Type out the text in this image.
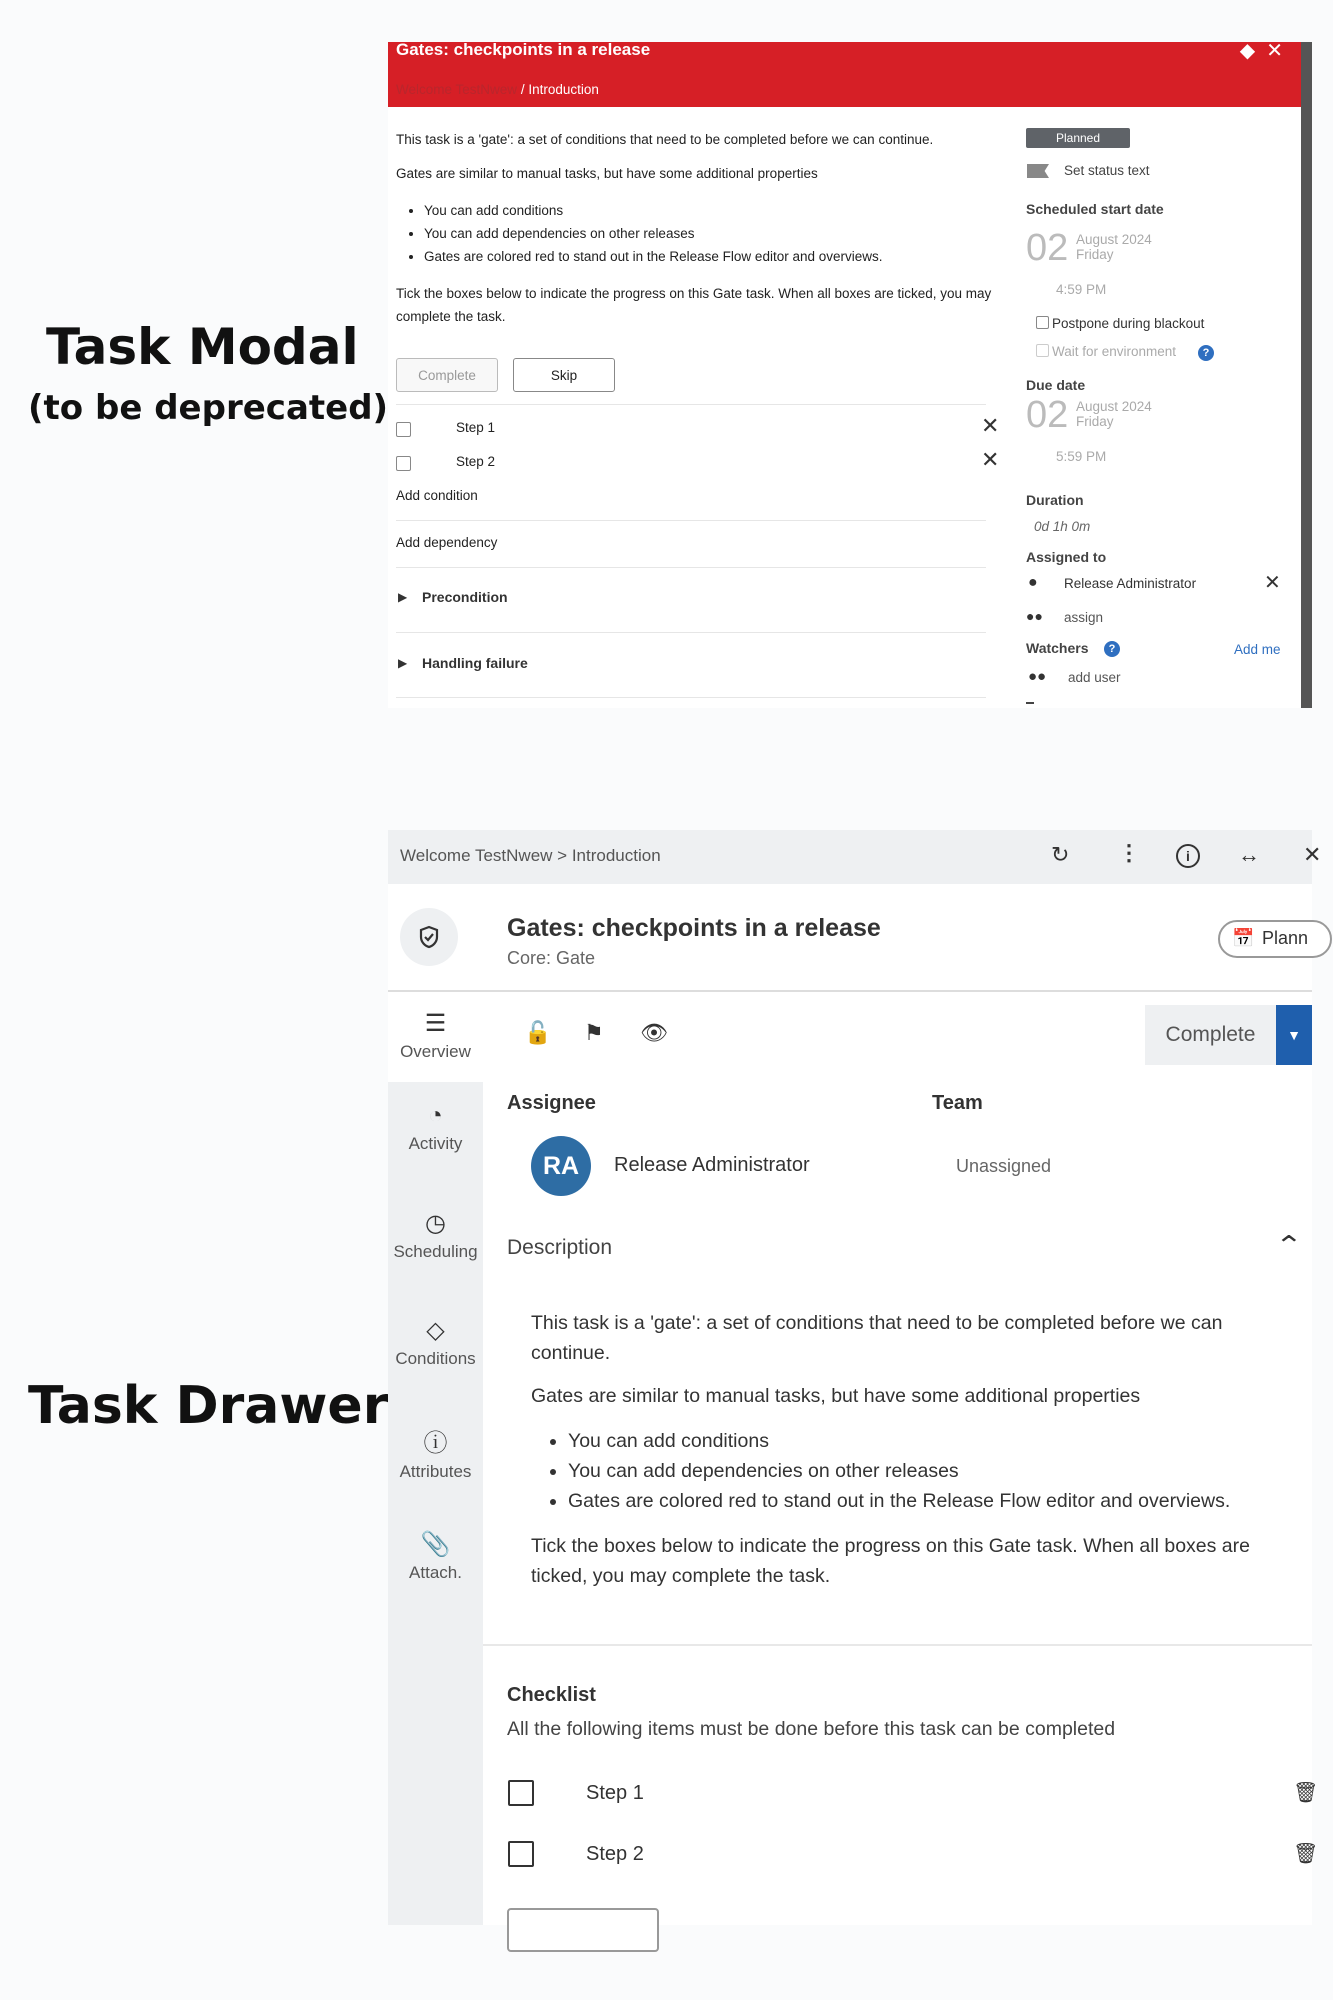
Task Modal
(to be deprecated)
Task Drawer
Gates: checkpoints in a release
Welcome TestNwew / Introduction
◆ ✕
This task is a 'gate': a set of conditions that need to be completed before we can continue.
Gates are similar to manual tasks, but have some additional properties
• You can add conditions
• You can add dependencies on other releases
• Gates are colored red to stand out in the Release Flow editor and overviews.
Tick the boxes below to indicate the progress on this Gate task. When all boxes are ticked, you may complete the task.
Complete	Skip
Step 1	✕
Step 2	✕
Add condition
Add dependency
▶ Precondition
▶ Handling failure
Planned
Set status text
Scheduled start date
02 August 2024
Friday
4:59 PM
Postpone during blackout
Wait for environment	?
Due date
02 August 2024
Friday
5:59 PM
Duration
0d 1h 0m
Assigned to
● Release Administrator	✕
●● assign
Watchers	?	Add me
●● add user
Welcome TestNwew > Introduction	↻ ⋮	i	↔ ✕
Gates: checkpoints in a release
Core: Gate
📅 Plann
☰
Overview
◔
Activity
◷
Scheduling
◇
Conditions
ⓘ
Attributes
📎
Attach.
🔓 ⚑ 👁	Complete	▼
Assignee	Team
RA	Release Administrator	Unassigned
Description	⌃
This task is a 'gate': a set of conditions that need to be completed before we can continue.
Gates are similar to manual tasks, but have some additional properties
• You can add conditions
• You can add dependencies on other releases
• Gates are colored red to stand out in the Release Flow editor and overviews.
Tick the boxes below to indicate the progress on this Gate task. When all boxes are ticked, you may complete the task.
Checklist
All the following items must be done before this task can be completed
Step 1	🗑
Step 2	🗑
